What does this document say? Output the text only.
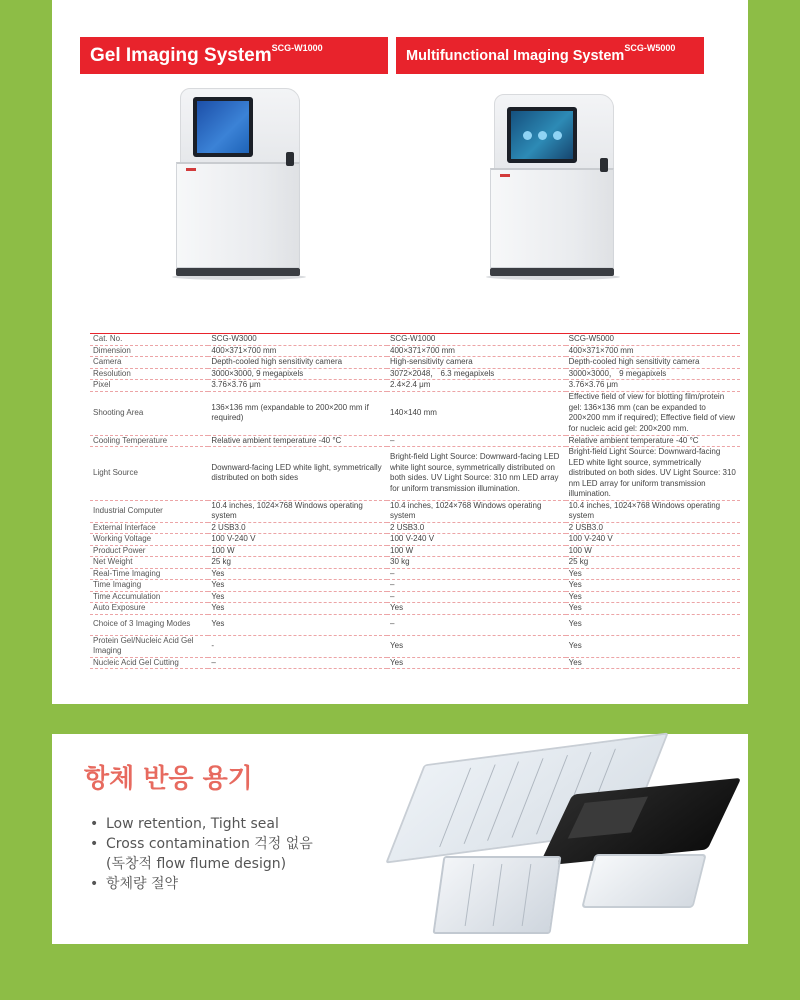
Gel Imaging System$^{SCG-W1000}$	Multifunctional Imaging System$^{SCG-W5000}$
Cat. No.	SCG-W3000	SCG-W1000	SCG-W5000
Dimension	400×371×700 mm	400×371×700 mm	400×371×700 mm
Camera	Depth-cooled high sensitivity camera	High-sensitivity camera	Depth-cooled high sensitivity camera
Resolution	3000×3000, 9 megapixels	3072×2048， 6.3 megapixels	3000×3000， 9 megapixels
Pixel	3.76×3.76 μm	2.4×2.4 μm	3.76×3.76 μm
Shooting Area	136×136 mm (expandable to 200×200 mm if required)	140×140 mm	Effective field of view for blotting film/protein gel: 136×136 mm (can be expanded to 200×200 mm if required); Effective field of view for nucleic acid gel: 200×200 mm.
Cooling Temperature	Relative ambient temperature -40 °C	–	Relative ambient temperature -40 °C
Light Source	Downward-facing LED white light, symmetrically distributed on both sides	Bright-field Light Source: Downward-facing LED white light source, symmetrically distributed on both sides. UV Light Source: 310 nm LED array for uniform transmission illumination.	Bright-field Light Source: Downward-facing LED white light source, symmetrically distributed on both sides. UV Light Source: 310 nm LED array for uniform transmission illumination.
Industrial Computer	10.4 inches, 1024×768 Windows operating system	10.4 inches, 1024×768 Windows operating system	10.4 inches, 1024×768 Windows operating system
External Interface	2 USB3.0	2 USB3.0	2 USB3.0
Working Voltage	100 V-240 V	100 V-240 V	100 V-240 V
Product Power	100 W	100 W	100 W
Net Weight	25 kg	30 kg	25 kg
Real-Time Imaging	Yes	–	Yes
Time Imaging	Yes	–	Yes
Time Accumulation	Yes	–	Yes
Auto Exposure	Yes	Yes	Yes
Choice of 3 Imaging Modes	Yes	–	Yes
Protein Gel/Nucleic Acid Gel Imaging	-	Yes	Yes
Nucleic Acid Gel Cutting	–	Yes	Yes
항체 반응 용기
• Low retention, Tight seal
• Cross contamination 걱정 없음
(독창적 flow flume design)
• 항체량 절약
